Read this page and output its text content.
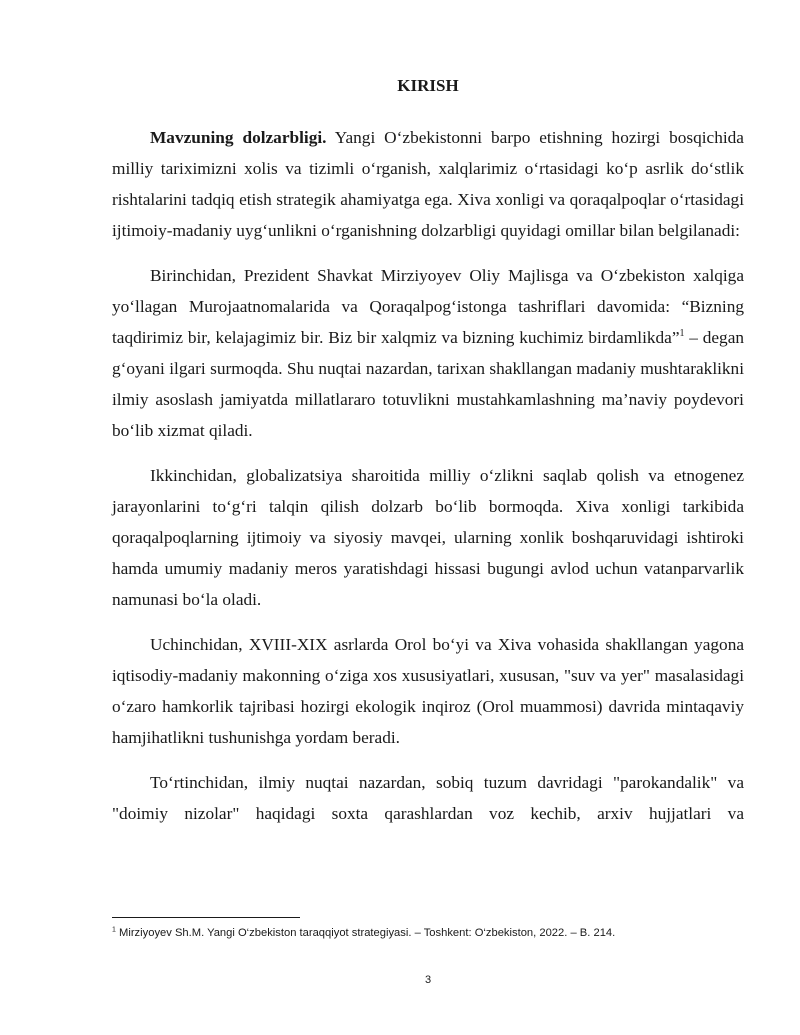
KIRISH

Mavzuning dolzarbligi. Yangi O‘zbekistonni barpo etishning hozirgi bosqichida milliy tariximizni xolis va tizimli o‘rganish, xalqlarimiz o‘rtasidagi ko‘p asrlik do‘stlik rishtalarini tadqiq etish strategik ahamiyatga ega. Xiva xonligi va qoraqalpoqlar o‘rtasidagi ijtimoiy-madaniy uyg‘unlikni o‘rganishning dolzarbligi quyidagi omillar bilan belgilanadi:

Birinchidan, Prezident Shavkat Mirziyoyev Oliy Majlisga va O‘zbekiston xalqiga yo‘llagan Murojaatnomalarida va Qoraqalpog‘istonga tashriflari davomida: “Bizning taqdirimiz bir, kelajagimiz bir. Biz bir xalqmiz va bizning kuchimiz birdamlikda”$^1$ – degan g‘oyani ilgari surmoqda. Shu nuqtai nazardan, tarixan shakllangan madaniy mushtaraklikni ilmiy asoslash jamiyatda millatlararo totuvlikni mustahkamlashning ma’naviy poydevori bo‘lib xizmat qiladi.

Ikkinchidan, globalizatsiya sharoitida milliy o‘zlikni saqlab qolish va etnogenez jarayonlarini to‘g‘ri talqin qilish dolzarb bo‘lib bormoqda. Xiva xonligi tarkibida qoraqalpoqlarning ijtimoiy va siyosiy mavqei, ularning xonlik boshqaruvidagi ishtiroki hamda umumiy madaniy meros yaratishdagi hissasi bugungi avlod uchun vatanparvarlik namunasi bo‘la oladi.

Uchinchidan, XVIII-XIX asrlarda Orol bo‘yi va Xiva vohasida shakllangan yagona iqtisodiy-madaniy makonning o‘ziga xos xususiyatlari, xususan, "suv va yer" masalasidagi o‘zaro hamkorlik tajribasi hozirgi ekologik inqiroz (Orol muammosi) davrida mintaqaviy hamjihatlikni tushunishga yordam beradi.

To‘rtinchidan, ilmiy nuqtai nazardan, sobiq tuzum davridagi "parokandalik" va "doimiy nizolar" haqidagi soxta qarashlardan voz kechib, arxiv hujjatlari va

$^1$ Mirziyoyev Sh.M. Yangi O‘zbekiston taraqqiyot strategiyasi. – Toshkent: O‘zbekiston, 2022. – B. 214.

3
